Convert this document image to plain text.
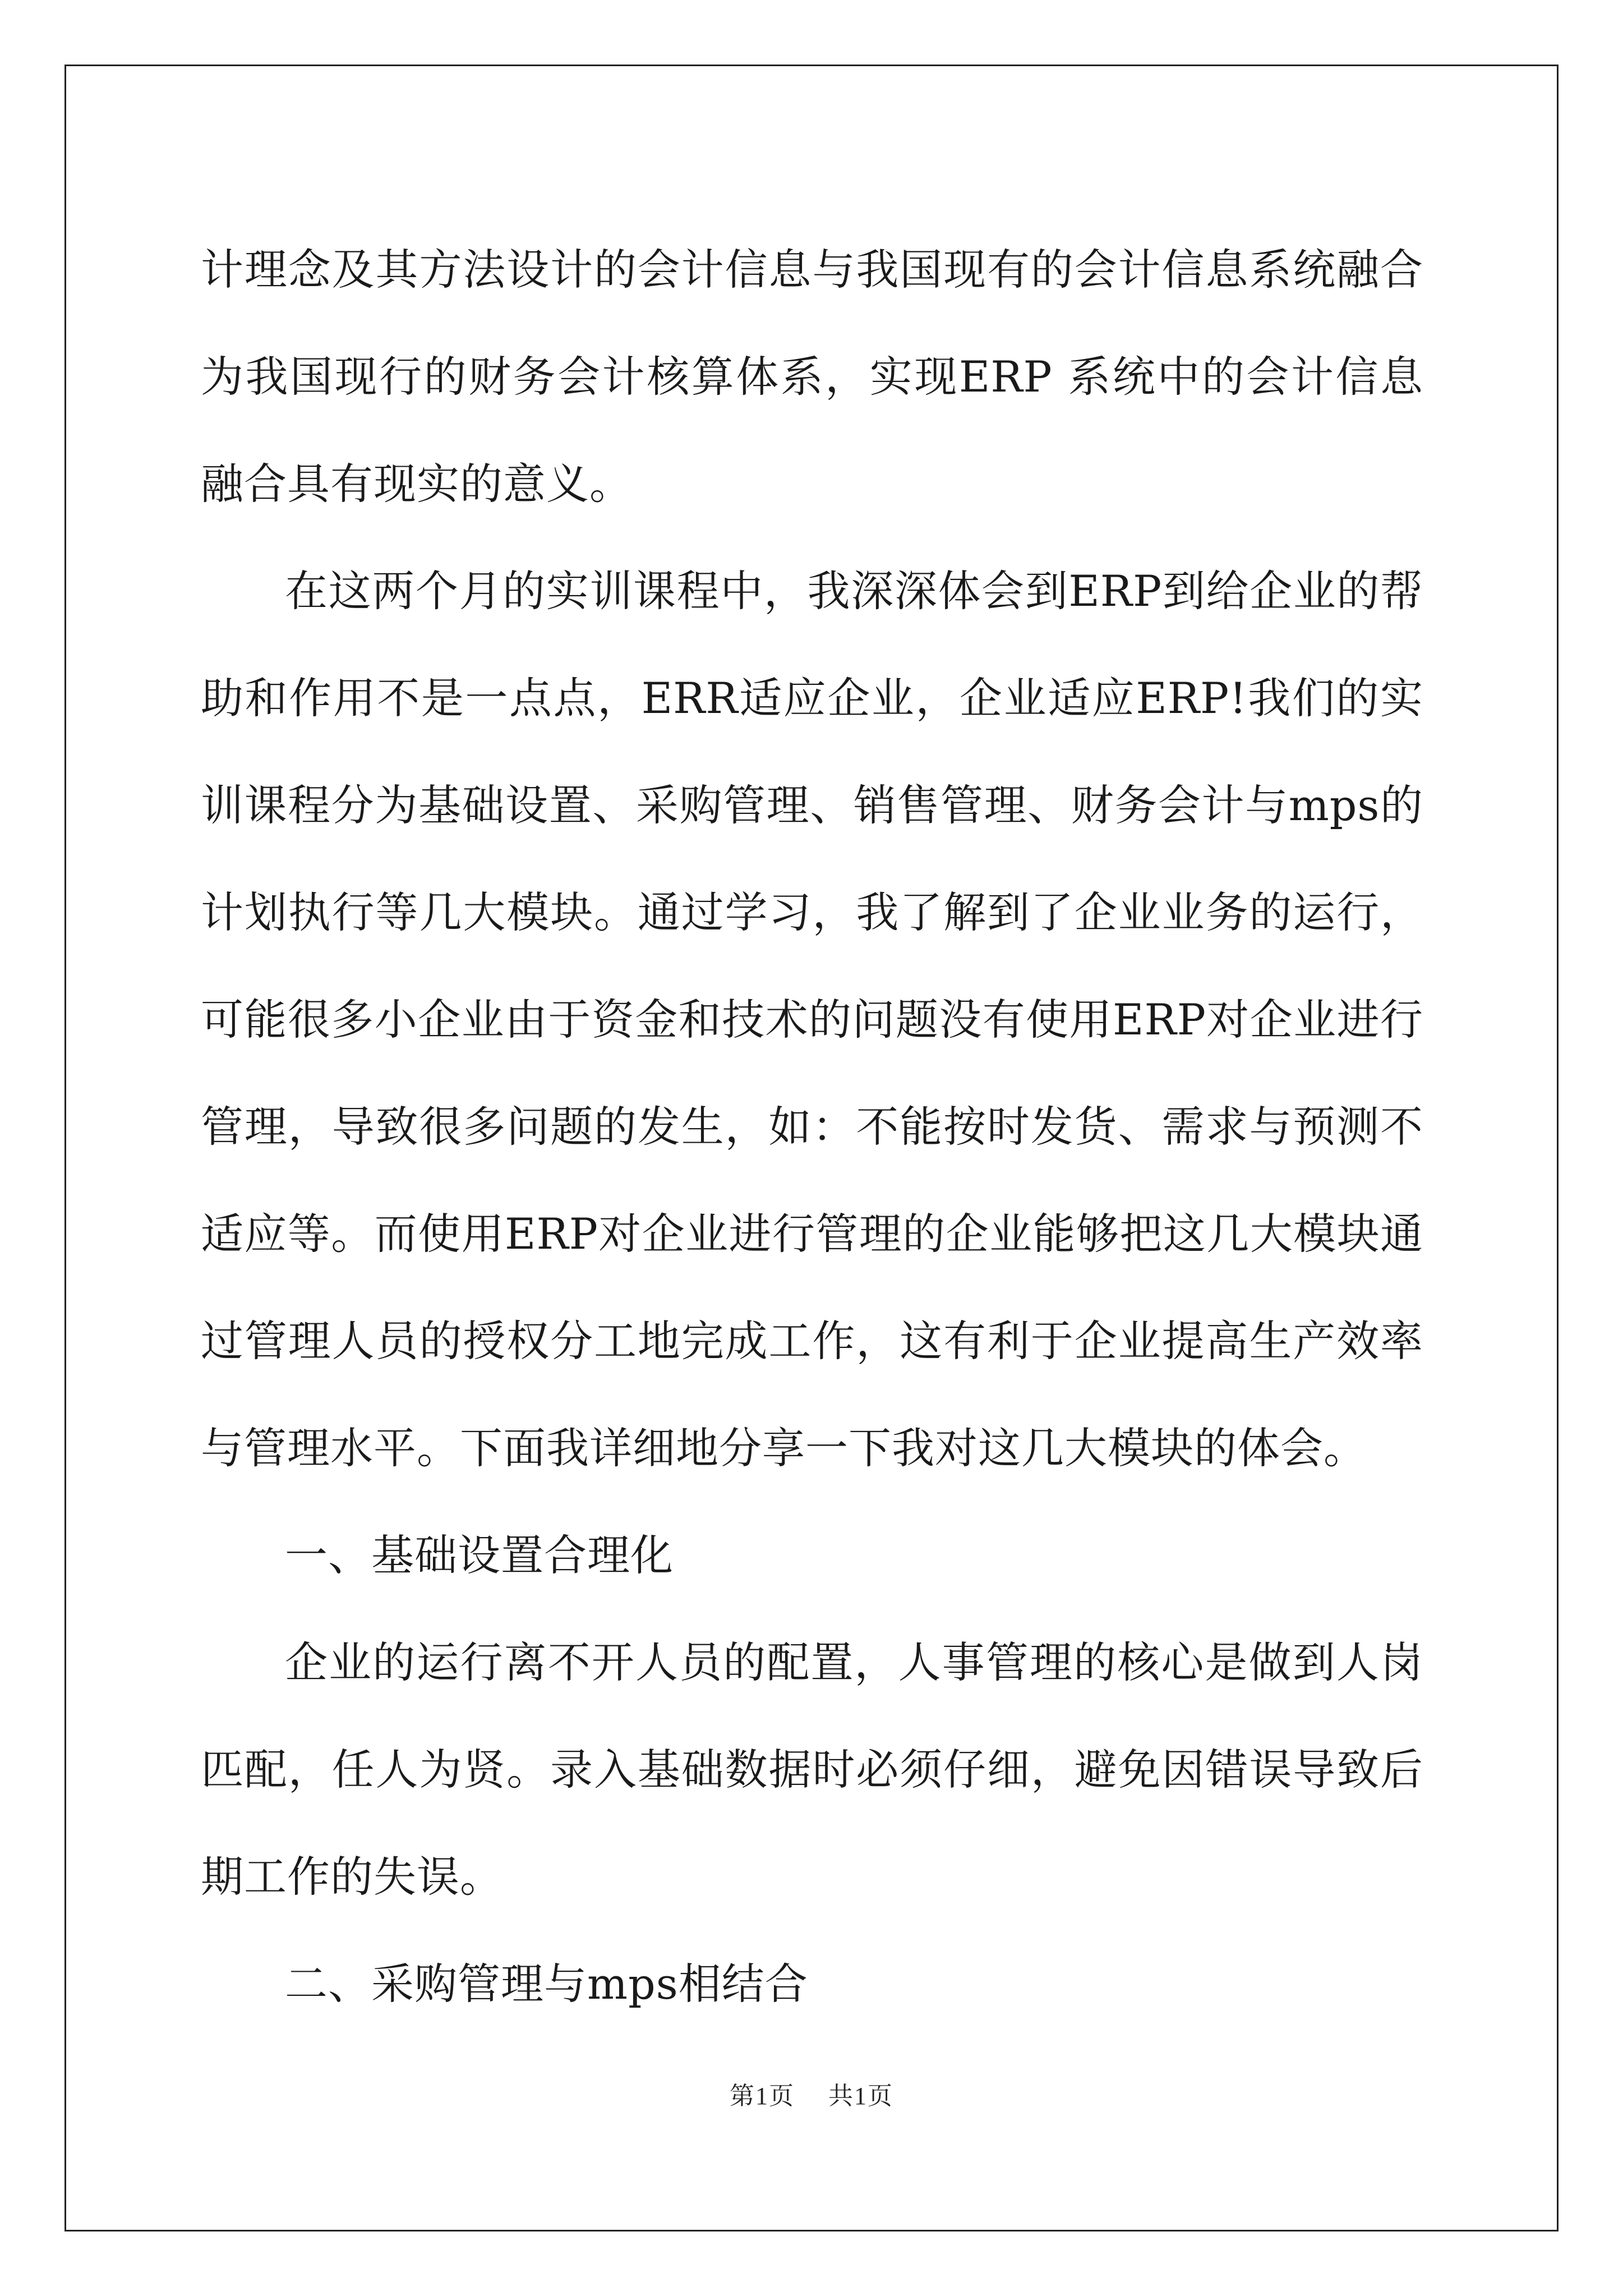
计理念及其方法设计的会计信息与我国现有的会计信息系统融合为我国现行的财务会计核算体系，实现ERP 系统中的会计信息融合具有现实的意义。

在这两个月的实训课程中，我深深体会到ERP到给企业的帮助和作用不是一点点，ERR适应企业，企业适应ERP!我们的实训课程分为基础设置、采购管理、销售管理、财务会计与mps的计划执行等几大模块。通过学习，我了解到了企业业务的运行，可能很多小企业由于资金和技术的问题没有使用ERP对企业进行管理，导致很多问题的发生，如：不能按时发货、需求与预测不适应等。而使用ERP对企业进行管理的企业能够把这几大模块通过管理人员的授权分工地完成工作，这有利于企业提高生产效率与管理水平。下面我详细地分享一下我对这几大模块的体会。

一、基础设置合理化

企业的运行离不开人员的配置，人事管理的核心是做到人岗匹配，任人为贤。录入基础数据时必须仔细，避免因错误导致后期工作的失误。

二、采购管理与mps相结合

第1页 共1页
